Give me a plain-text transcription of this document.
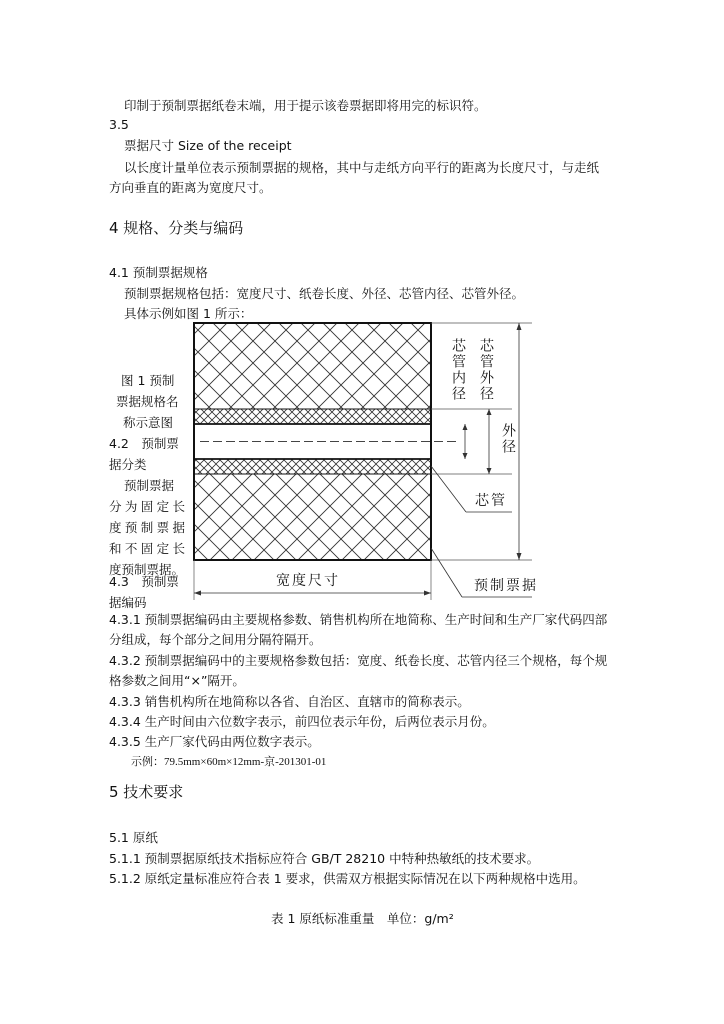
印制于预制票据纸卷末端，用于提示该卷票据即将用完的标识符。
3.5
票据尺寸 Size of the receipt
以长度计量单位表示预制票据的规格，其中与走纸方向平行的距离为长度尺寸，与走纸
方向垂直的距离为宽度尺寸。
4 规格、分类与编码
4.1 预制票据规格
预制票据规格包括：宽度尺寸、纸卷长度、外径、芯管内径、芯管外径。
具体示例如图 1 所示：
图 1 预制
票据规格名
称示意图
4.2　预制票
据分类
预制票据
分为固定长
度预制票据
和不固定长
度预制票据。
4.3　预制票
据编码
芯管内径 芯管外径
外径
芯管
宽度尺寸	预制票据
4.3.1 预制票据编码由主要规格参数、销售机构所在地简称、生产时间和生产厂家代码四部
分组成，每个部分之间用分隔符隔开。
4.3.2 预制票据编码中的主要规格参数包括：宽度、纸卷长度、芯管内径三个规格，每个规
格参数之间用“×”隔开。
4.3.3 销售机构所在地简称以各省、自治区、直辖市的简称表示。
4.3.4 生产时间由六位数字表示，前四位表示年份，后两位表示月份。
4.3.5 生产厂家代码由两位数字表示。
示例：79.5mm×60m×12mm-京-201301-01
5 技术要求
5.1 原纸
5.1.1 预制票据原纸技术指标应符合 GB/T 28210 中特种热敏纸的技术要求。
5.1.2 原纸定量标准应符合表 1 要求，供需双方根据实际情况在以下两种规格中选用。
表 1 原纸标准重量　单位：g/m²
